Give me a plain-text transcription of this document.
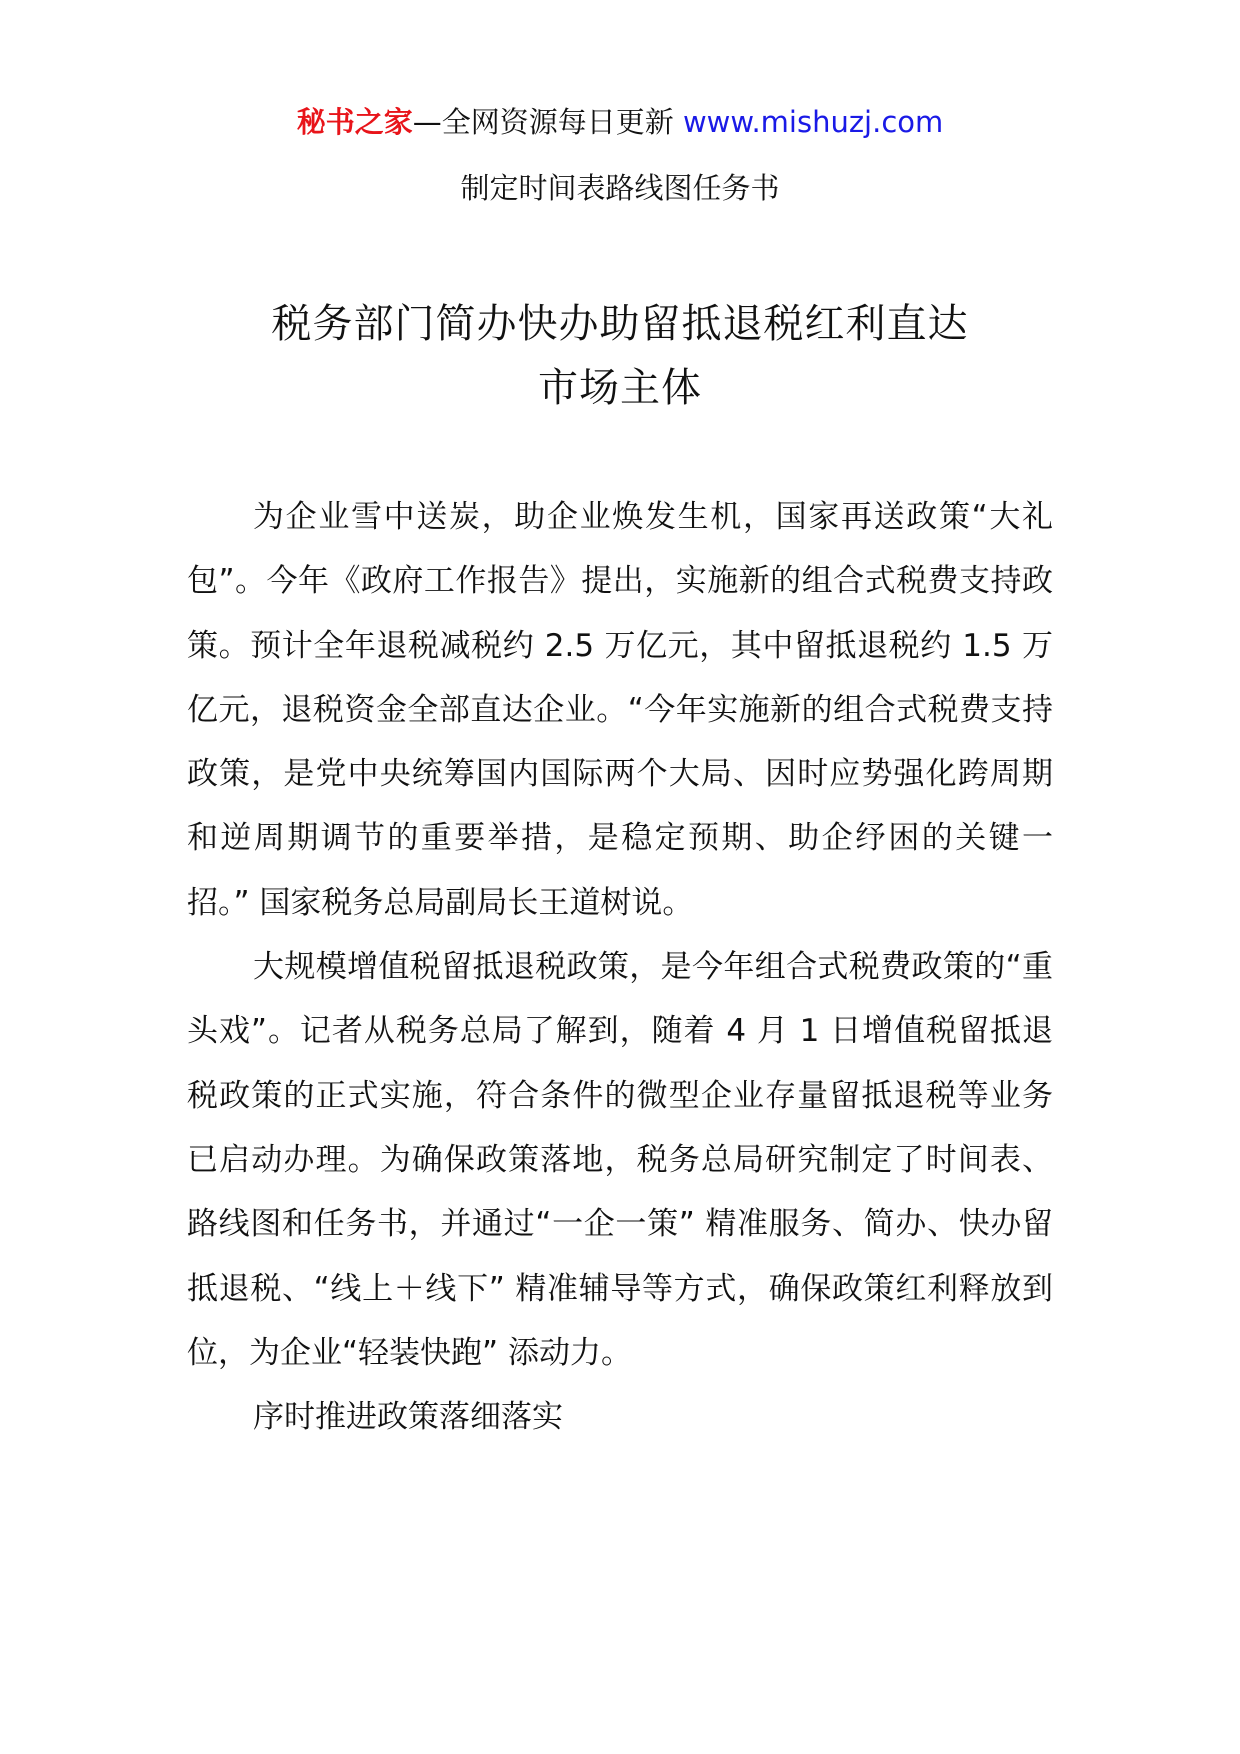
秘书之家—全网资源每日更新 www.mishuzj.com
制定时间表路线图任务书
税务部门简办快办助留抵退税红利直达
市场主体

为企业雪中送炭，助企业焕发生机，国家再送政策“大礼包”。今年《政府工作报告》提出，实施新的组合式税费支持政策。预计全年退税减税约 2.5 万亿元，其中留抵退税约 1.5 万亿元，退税资金全部直达企业。“今年实施新的组合式税费支持政策，是党中央统筹国内国际两个大局、因时应势强化跨周期和逆周期调节的重要举措，是稳定预期、助企纾困的关键一招。” 国家税务总局副局长王道树说。

大规模增值税留抵退税政策，是今年组合式税费政策的“重头戏”。记者从税务总局了解到，随着 4 月 1 日增值税留抵退税政策的正式实施，符合条件的微型企业存量留抵退税等业务已启动办理。为确保政策落地，税务总局研究制定了时间表、路线图和任务书，并通过“一企一策” 精准服务、简办、快办留抵退税、“线上＋线下” 精准辅导等方式，确保政策红利释放到位，为企业“轻装快跑” 添动力。

序时推进政策落细落实
